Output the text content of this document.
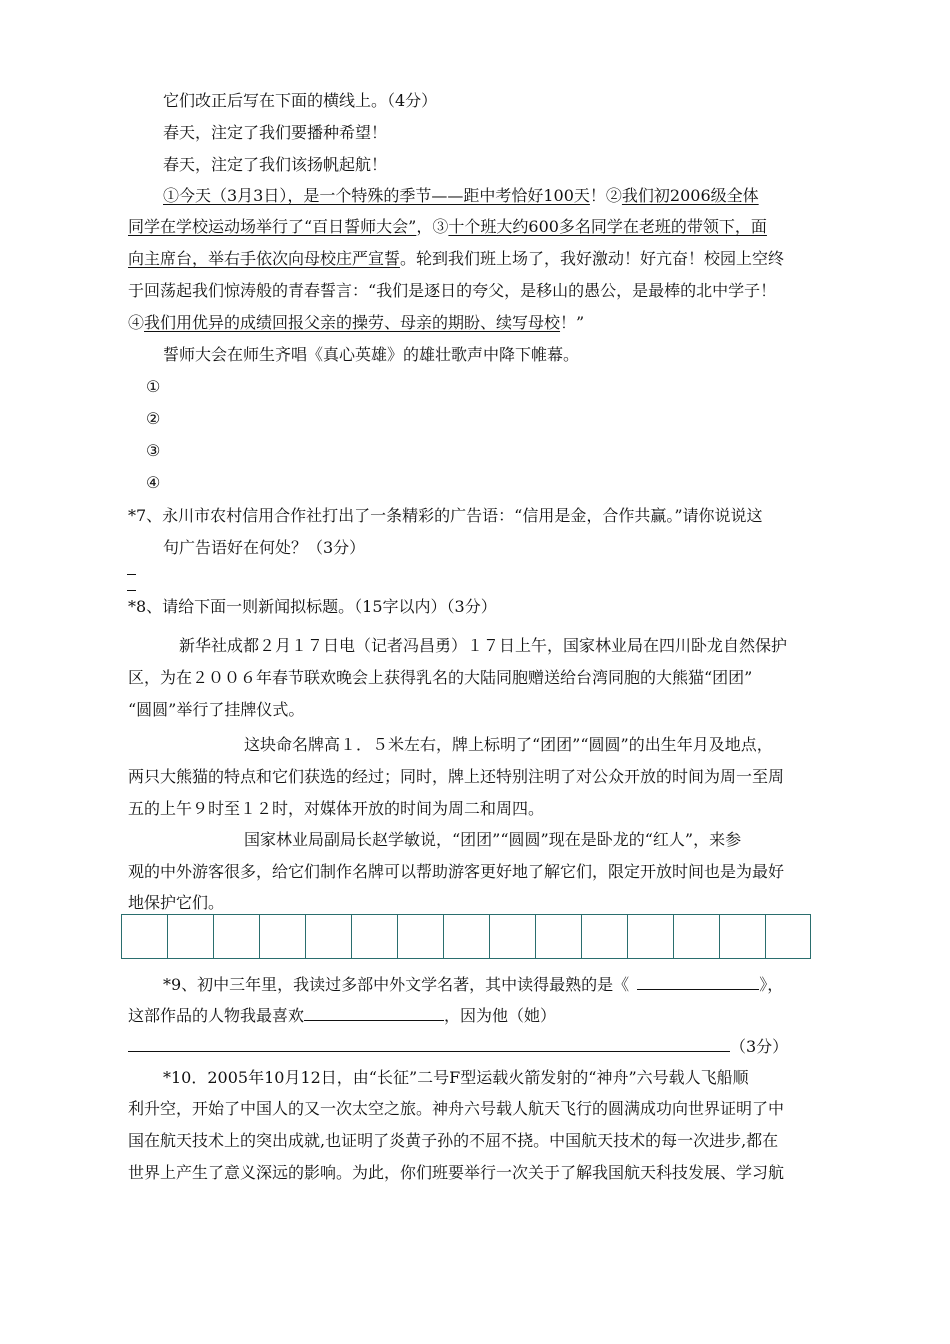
它们改正后写在下面的横线上。（4分）
春天，注定了我们要播种希望！
春天，注定了我们该扬帆起航！
①今天（3月3日），是一个特殊的季节——距中考恰好100天！②我们初2006级全体
同学在学校运动场举行了“百日誓师大会”，③十个班大约600多名同学在老班的带领下，面
向主席台，举右手依次向母校庄严宣誓。轮到我们班上场了，我好激动！好亢奋！校园上空终
于回荡起我们惊涛般的青春誓言：“我们是逐日的夸父，是移山的愚公，是最棒的北中学子！
④我们用优异的成绩回报父亲的操劳、母亲的期盼、续写母校！”
誓师大会在师生齐唱《真心英雄》的雄壮歌声中降下帷幕。
①
②
③
④
*7、永川市农村信用合作社打出了一条精彩的广告语：“信用是金，合作共赢。”请你说说这
句广告语好在何处？（3分）
*8、请给下面一则新闻拟标题。（15字以内）（3分）
新华社成都２月１７日电（记者冯昌勇）１７日上午，国家林业局在四川卧龙自然保护
区，为在２００６年春节联欢晚会上获得乳名的大陆同胞赠送给台湾同胞的大熊猫“团团”
“圆圆”举行了挂牌仪式。
这块命名牌高１．５米左右，牌上标明了“团团”“圆圆”的出生年月及地点，
两只大熊猫的特点和它们获选的经过；同时，牌上还特别注明了对公众开放的时间为周一至周
五的上午９时至１２时，对媒体开放的时间为周二和周四。
国家林业局副局长赵学敏说，“团团”“圆圆”现在是卧龙的“红人”，来参
观的中外游客很多，给它们制作名牌可以帮助游客更好地了解它们，限定开放时间也是为最好
地保护它们。
*9、初中三年里，我读过多部中外文学名著，其中读得最熟的是《	》，
这部作品的人物我最喜欢	，因为他（她）
（3分）
*10．2005年10月12日，由“长征”二号F型运载火箭发射的“神舟”六号载人飞船顺
利升空，开始了中国人的又一次太空之旅。神舟六号载人航天飞行的圆满成功向世界证明了中
国在航天技术上的突出成就,也证明了炎黄子孙的不屈不挠。中国航天技术的每一次进步,都在
世界上产生了意义深远的影响。为此，你们班要举行一次关于了解我国航天科技发展、学习航
